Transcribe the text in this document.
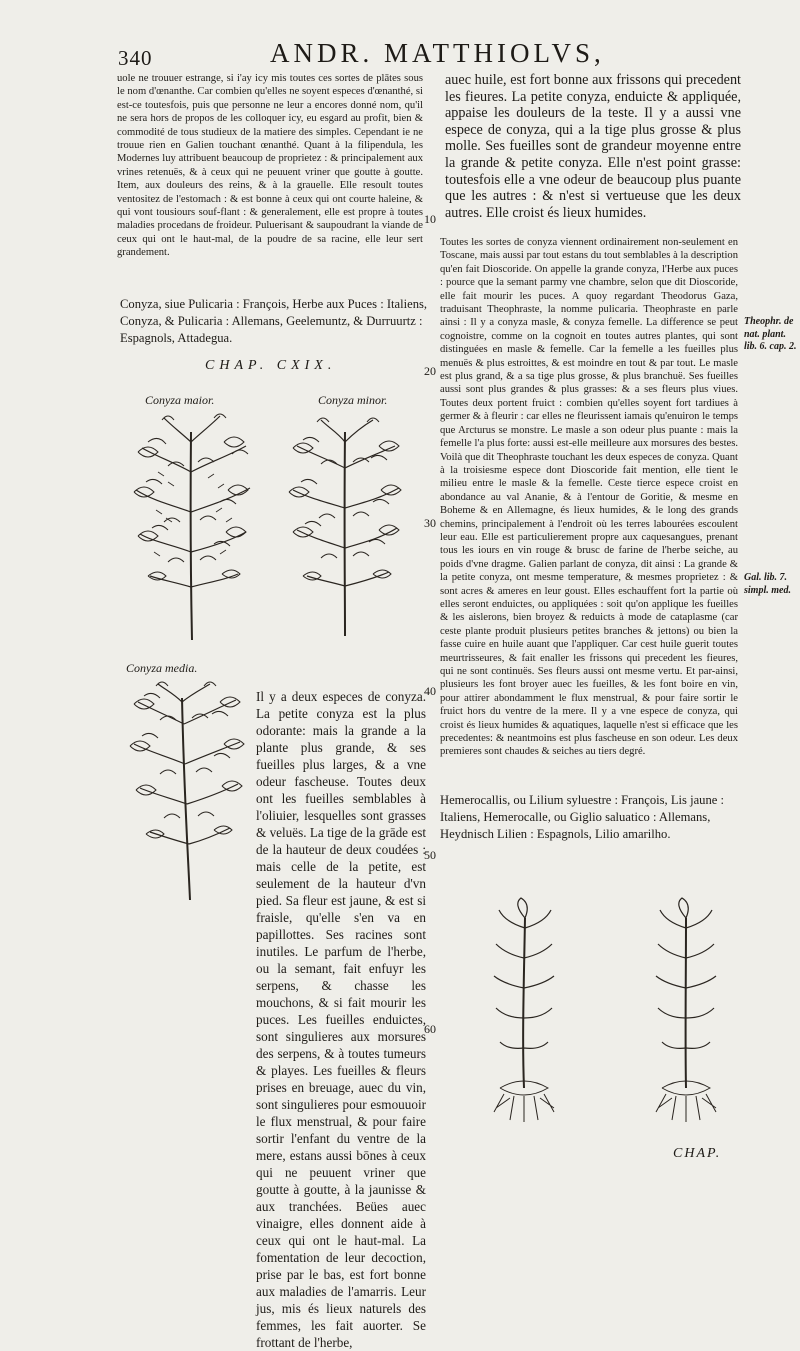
340	ANDR. MATTHIOLVS,
uole ne trouuer estrange, si i'ay icy mis toutes ces sortes de plātes sous le nom d'œnanthe. Car combien qu'elles ne soyent especes d'œnanthé, si est-ce toutesfois, puis que personne ne leur a encores donné nom, qu'il ne sera hors de propos de les colloquer icy, eu esgard au profit, bien & commodité de tous studieux de la matiere des simples. Cependant ie ne trouue rien en Galien touchant œnanthé. Quant à la filipendula, les Modernes luy attribuent beaucoup de proprietez : & principalement aux vrines retenuës, & à ceux qui ne peuuent vriner que goutte à goutte. Item, aux douleurs des reins, & à la grauelle. Elle resoult toutes ventositez de l'estomach : & est bonne à ceux qui ont courte haleine, & qui vont tousiours souf-flant : & generalement, elle est propre à toutes maladies procedans de froideur. Puluerisant & saupoudrant la viande de ceux qui ont le haut-mal, de la poudre de sa racine, elle leur sert grandement.
Conyza, siue Pulicaria : François, Herbe aux Puces : Italiens, Conyza, & Pulicaria : Allemans, Geelemuntz, & Durruurtz : Espagnols, Attadegua.
CHAP. CXIX.
Conyza maior.	Conyza minor.
Conyza media.
Il y a deux especes de conyza. La petite conyza est la plus odorante: mais la grande a la plante plus grande, & ses fueilles plus larges, & a vne odeur fascheuse. Toutes deux ont les fueilles semblables à l'oliuier, lesquelles sont grasses & veluës. La tige de la grāde est de la hauteur de deux coudées : mais celle de la petite, est seulement de la hauteur d'vn pied. Sa fleur est jaune, & est si fraisle, qu'elle s'en va en papillottes. Ses racines sont inutiles. Le parfum de l'herbe, ou la semant, fait enfuyr les serpens, & chasse les mouchons, & si fait mourir les puces. Les fueilles enduictes, sont singulieres aux morsures des serpens, & à toutes tumeurs & playes. Les fueilles & fleurs prises en breuage, auec du vin, sont singulieres pour esmouuoir le flux menstrual, & pour faire sortir l'enfant du ventre de la mere, estans aussi bōnes à ceux qui ne peuuent vriner que goutte à goutte, à la jaunisse & aux tranchées. Beües auec vinaigre, elles donnent aide à ceux qui ont le haut-mal. La fomentation de leur decoction, prise par le bas, est fort bonne aux maladies de l'amarris. Leur jus, mis és lieux naturels des femmes, les fait auorter. Se frottant de l'herbe,
10
20
30
40
50
60
auec huile, est fort bonne aux frissons qui precedent les fieures. La petite conyza, enduicte & appliquée, appaise les douleurs de la teste. Il y a aussi vne espece de conyza, qui a la tige plus grosse & plus molle. Ses fueilles sont de grandeur moyenne entre la grande & petite conyza. Elle n'est point grasse: toutesfois elle a vne odeur de beaucoup plus puante que les autres : & n'est si vertueuse que les deux autres. Elle croist és lieux humides.
Toutes les sortes de conyza viennent ordinairement non-seulement en Toscane, mais aussi par tout estans du tout semblables à la description qu'en fait Dioscoride. On appelle la grande conyza, l'Herbe aux puces : pource que la semant parmy vne chambre, selon que dit Dioscoride, elle fait mourir les puces. A quoy regardant Theodorus Gaza, traduisant Theophraste, la nomme pulicaria. Theophraste en parle ainsi : Il y a conyza masle, & conyza femelle. La difference se peut cognoistre, comme on la cognoit en toutes autres plantes, qui sont distinguées en masle & femelle. Car la femelle a les fueilles plus menuës & plus estroittes, & est moindre en tout & par tout. Le masle est plus grand, & a sa tige plus grosse, & plus branchuë. Ses fueilles aussi sont plus grandes & plus grasses: & a ses fleurs plus viues. Toutes deux portent fruict : combien qu'elles soyent fort tardiues à germer & à fleurir : car elles ne fleurissent iamais qu'enuiron le temps que Arcturus se monstre. Le masle a son odeur plus puante : mais la femelle l'a plus forte: aussi est-elle meilleure aux morsures des bestes. Voilà que dit Theophraste touchant les deux especes de conyza. Quant à la troisiesme espece dont Dioscoride fait mention, elle tient le milieu entre le masle & la femelle. Ceste tierce espece croist en abondance au val Ananie, & à l'entour de Goritie, & mesme en Boheme & en Allemagne, és lieux humides, & le long des grands chemins, principalement à l'endroit où les terres labourées escoulent leur eau. Elle est particulierement propre aux caquesangues, prenant tous les iours en vin rouge & brusc de farine de l'herbe seiche, au poids d'vne dragme. Galien parlant de conyza, dit ainsi : La grande & la petite conyza, ont mesme temperature, & mesmes proprietez : & sont acres & ameres en leur goust. Elles eschauffent fort la partie où elles seront enduictes, ou appliquées : soit qu'on applique les fueilles & les aislerons, bien broyez & reduicts à mode de cataplasme (car ceste plante produit plusieurs petites branches & jettons) ou bien la fasse cuire en huile auant que l'appliquer. Car cest huile guerit toutes meurtrisseures, & fait enaller les frissons qui precedent les fieures, qui ne sont continuës. Ses fleurs aussi ont mesme vertu. Et par-ainsi, plusieurs les font broyer auec les fueilles, & les font boire en vin, pour attirer abondamment le flux menstrual, & pour faire sortir le fruict hors du ventre de la mere. Il y a vne espece de conyza, qui croist és lieux humides & aquatiques, laquelle n'est si efficace que les precedentes: & neantmoins est plus fascheuse en son odeur. Les deux premieres sont chaudes & seiches au tiers degré.
Theophr. de nat. plant. lib. 6. cap. 2.
Gal. lib. 7. simpl. med.
Hemerocallis, ou Lilium syluestre : François, Lis jaune : Italiens, Hemerocalle, ou Giglio saluatico : Allemans, Heydnisch Lilien : Espagnols, Lilio amarilho.
CHAP.
